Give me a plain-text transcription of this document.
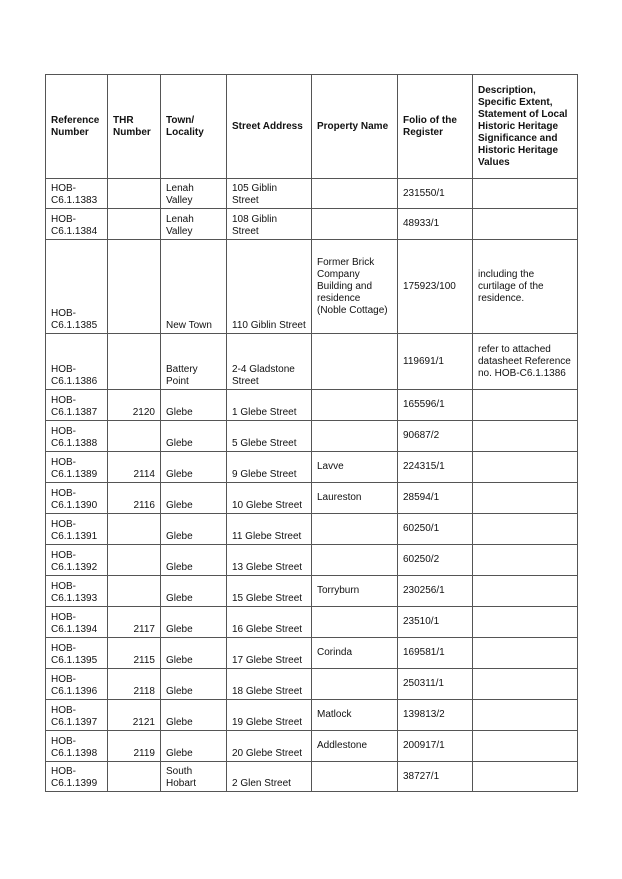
Reference Number	THR Number	Town/ Locality	Street Address	Property Name	Folio of the Register	Description, Specific Extent, Statement of Local Historic Heritage Significance and Historic Heritage Values
HOB-C6.1.1383		Lenah Valley	105 Giblin Street		231550/1	
HOB-C6.1.1384		Lenah Valley	108 Giblin Street		48933/1	
HOB-C6.1.1385		New Town	110 Giblin Street	Former Brick Company Building and residence (Noble Cottage)	175923/100	including the curtilage of the residence.
HOB-C6.1.1386		Battery Point	2-4 Gladstone Street		119691/1	refer to attached datasheet Reference no. HOB-C6.1.1386
HOB-C6.1.1387	2120	Glebe	1 Glebe Street		165596/1	
HOB-C6.1.1388		Glebe	5 Glebe Street		90687/2	
HOB-C6.1.1389	2114	Glebe	9 Glebe Street	Lavve	224315/1	
HOB-C6.1.1390	2116	Glebe	10 Glebe Street	Laureston	28594/1	
HOB-C6.1.1391		Glebe	11 Glebe Street		60250/1	
HOB-C6.1.1392		Glebe	13 Glebe Street		60250/2	
HOB-C6.1.1393		Glebe	15 Glebe Street	Torryburn	230256/1	
HOB-C6.1.1394	2117	Glebe	16 Glebe Street		23510/1	
HOB-C6.1.1395	2115	Glebe	17 Glebe Street	Corinda	169581/1	
HOB-C6.1.1396	2118	Glebe	18 Glebe Street		250311/1	
HOB-C6.1.1397	2121	Glebe	19 Glebe Street	Matlock	139813/2	
HOB-C6.1.1398	2119	Glebe	20 Glebe Street	Addlestone	200917/1	
HOB-C6.1.1399		South Hobart	2 Glen Street		38727/1	
